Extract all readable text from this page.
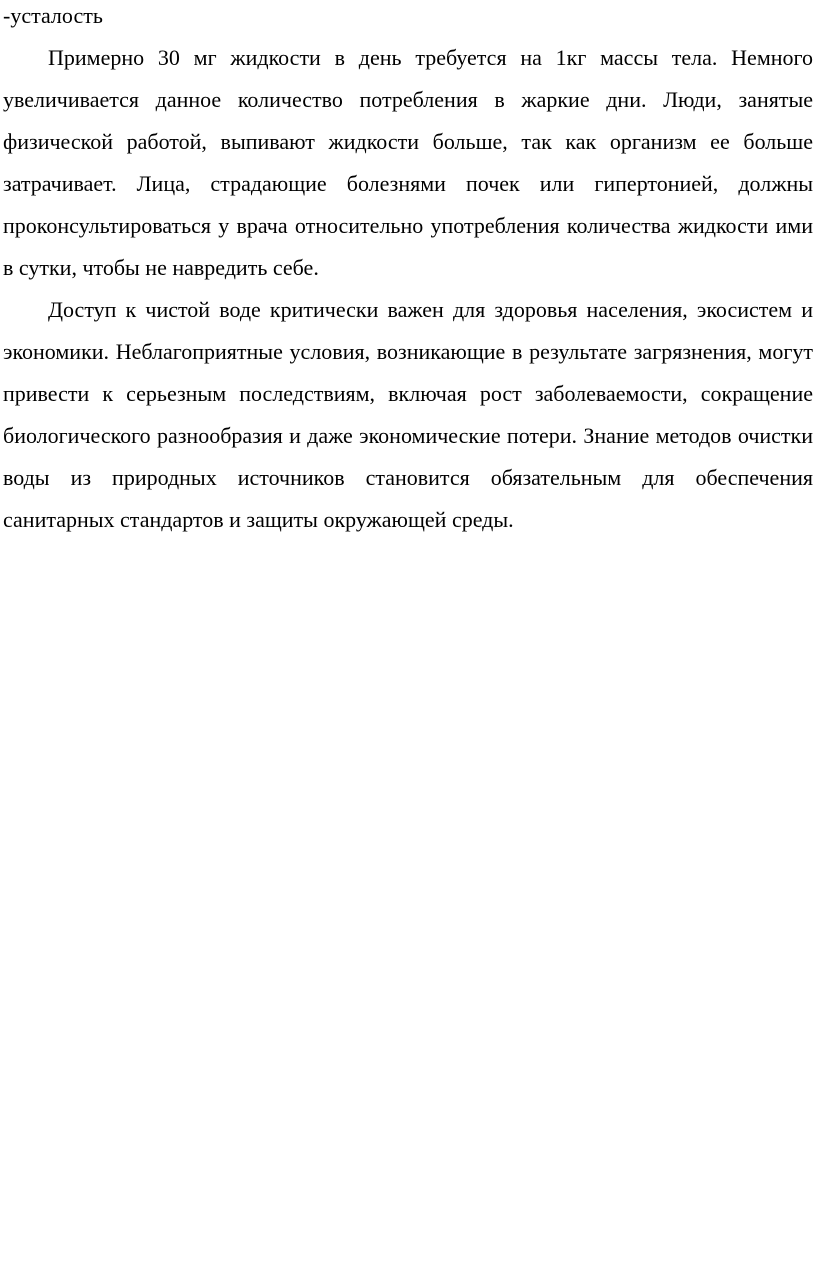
-усталость

Примерно 30 мг жидкости в день требуется на 1кг массы тела. Немного увеличивается данное количество потребления в жаркие дни. Люди, занятые физической работой, выпивают жидкости больше, так как организм ее больше затрачивает. Лица, страдающие болезнями почек или гипертонией, должны проконсультироваться у врача относительно употребления количества жидкости ими в сутки, чтобы не навредить себе.

Доступ к чистой воде критически важен для здоровья населения, экосистем и экономики. Неблагоприятные условия, возникающие в результате загрязнения, могут привести к серьезным последствиям, включая рост заболеваемости, сокращение биологического разнообразия и даже экономические потери. Знание методов очистки воды из природных источников становится обязательным для обеспечения санитарных стандартов и защиты окружающей среды.
